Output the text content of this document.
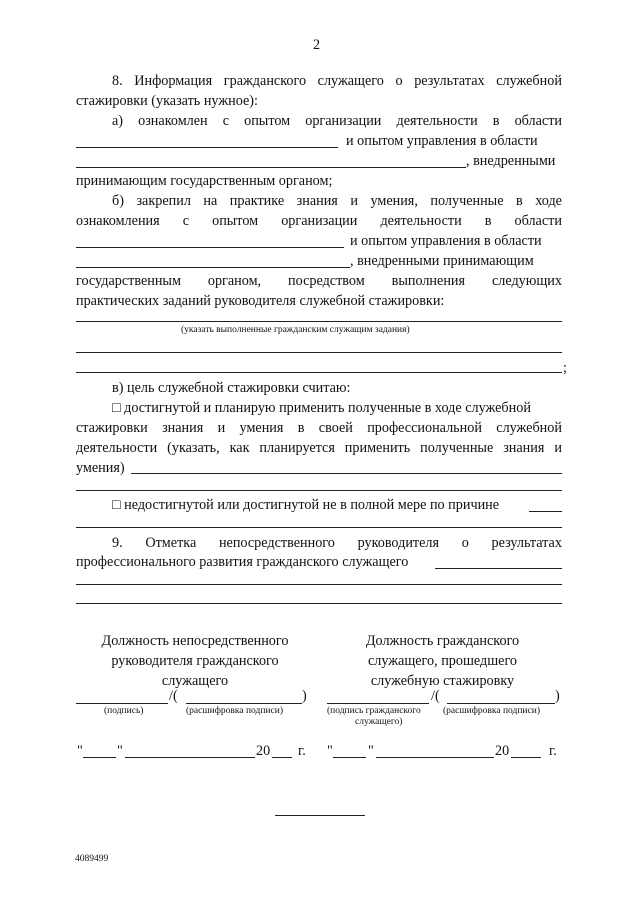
2
8. Информация гражданского служащего о результатах служебной
стажировки (указать нужное):
а) ознакомлен с опытом организации деятельности в области
и опытом управления в области
, внедренными
принимающим государственным органом;
б) закрепил на практике знания и умения, полученные в ходе
ознакомления с опытом организации деятельности в области
и опытом управления в области
, внедренными принимающим
государственным органом, посредством выполнения следующих
практических заданий руководителя служебной стажировки:
(указать выполненные гражданским служащим задания)
;
в) цель служебной стажировки считаю:
□ достигнутой и планирую применить полученные в ходе служебной
стажировки знания и умения в своей профессиональной служебной
деятельности (указать, как планируется применить полученные знания и
умения)
□ недостигнутой или достигнутой не в полной мере по причине
9. Отметка непосредственного руководителя о результатах
профессионального развития гражданского служащего
Должность непосредственного
руководителя гражданского
служащего
/(	)
(подпись)	(расшифровка подписи)
" "	20 г.
Должность гражданского
служащего, прошедшего
служебную стажировку
/(	)
(подпись гражданского
служащего)
(расшифровка подписи)
" "	20	г.
4089499
